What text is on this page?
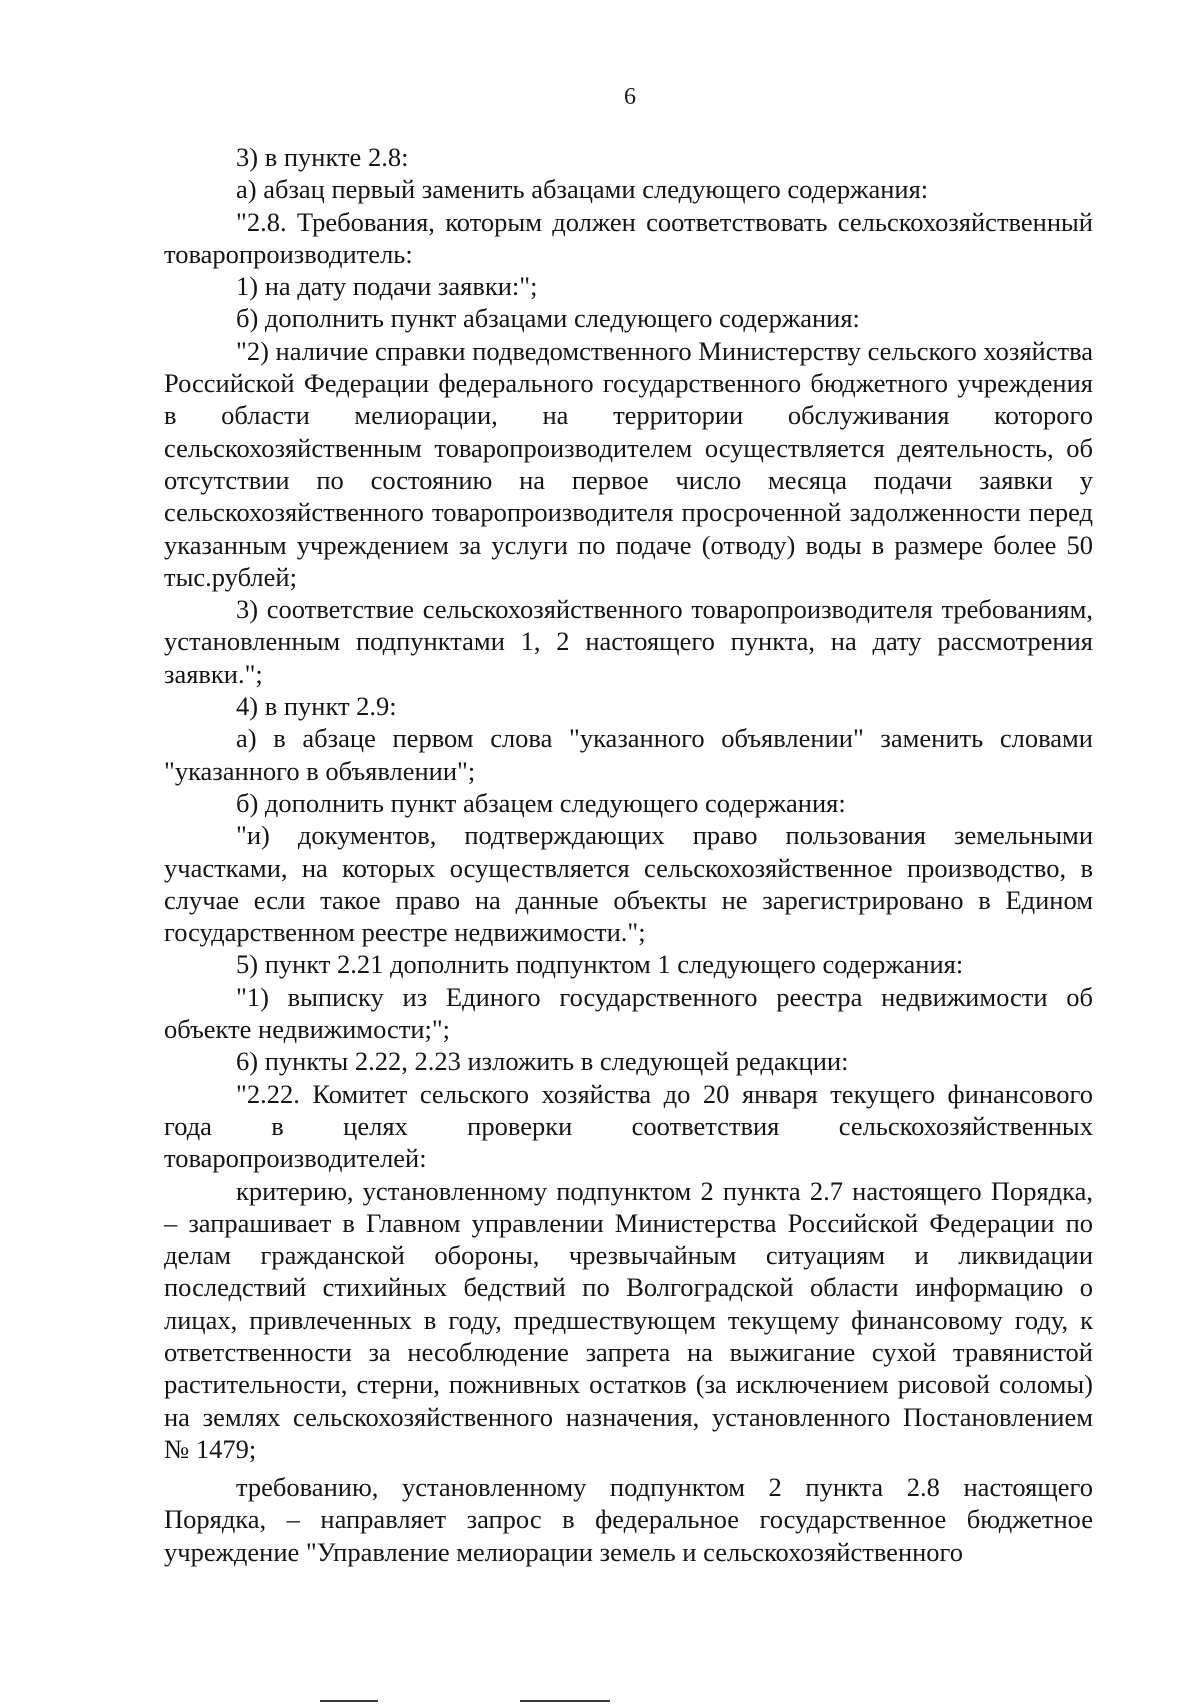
6

3) в пункте 2.8:

а) абзац первый заменить абзацами следующего содержания:

"2.8. Требования, которым должен соответствовать сельскохозяйственный товаропроизводитель:

1) на дату подачи заявки:";

б) дополнить пункт абзацами следующего содержания:

"2) наличие справки подведомственного Министерству сельского хозяйства Российской Федерации федерального государственного бюджетного учреждения в области мелиорации, на территории обслуживания которого сельскохозяйственным товаропроизводителем осуществляется деятельность, об отсутствии по состоянию на первое число месяца подачи заявки у сельскохозяйственного товаропроизводителя просроченной задолженности перед указанным учреждением за услуги по подаче (отводу) воды в размере более 50 тыс.рублей;

3) соответствие сельскохозяйственного товаропроизводителя требованиям, установленным подпунктами 1, 2 настоящего пункта, на дату рассмотрения заявки.";

4) в пункт 2.9:

а) в абзаце первом слова "указанного объявлении" заменить словами "указанного в объявлении";

б) дополнить пункт абзацем следующего содержания:

"и) документов, подтверждающих право пользования земельными участками, на которых осуществляется сельскохозяйственное производство, в случае если такое право на данные объекты не зарегистрировано в Едином государственном реестре недвижимости.";

5) пункт 2.21 дополнить подпунктом 1 следующего содержания:

"1) выписку из Единого государственного реестра недвижимости об объекте недвижимости;";

6) пункты 2.22, 2.23 изложить в следующей редакции:

"2.22. Комитет сельского хозяйства до 20 января текущего финансового года в целях проверки соответствия сельскохозяйственных товаропроизводителей:

критерию, установленному подпунктом 2 пункта 2.7 настоящего Порядка, – запрашивает в Главном управлении Министерства Российской Федерации по делам гражданской обороны, чрезвычайным ситуациям и ликвидации последствий стихийных бедствий по Волгоградской области информацию о лицах, привлеченных в году, предшествующем текущему финансовому году, к ответственности за несоблюдение запрета на выжигание сухой травянистой растительности, стерни, пожнивных остатков (за исключением рисовой соломы) на землях сельскохозяйственного назначения, установленного Постановлением № 1479;

требованию, установленному подпунктом 2 пункта 2.8 настоящего Порядка, – направляет запрос в федеральное государственное бюджетное учреждение "Управление мелиорации земель и сельскохозяйственного
